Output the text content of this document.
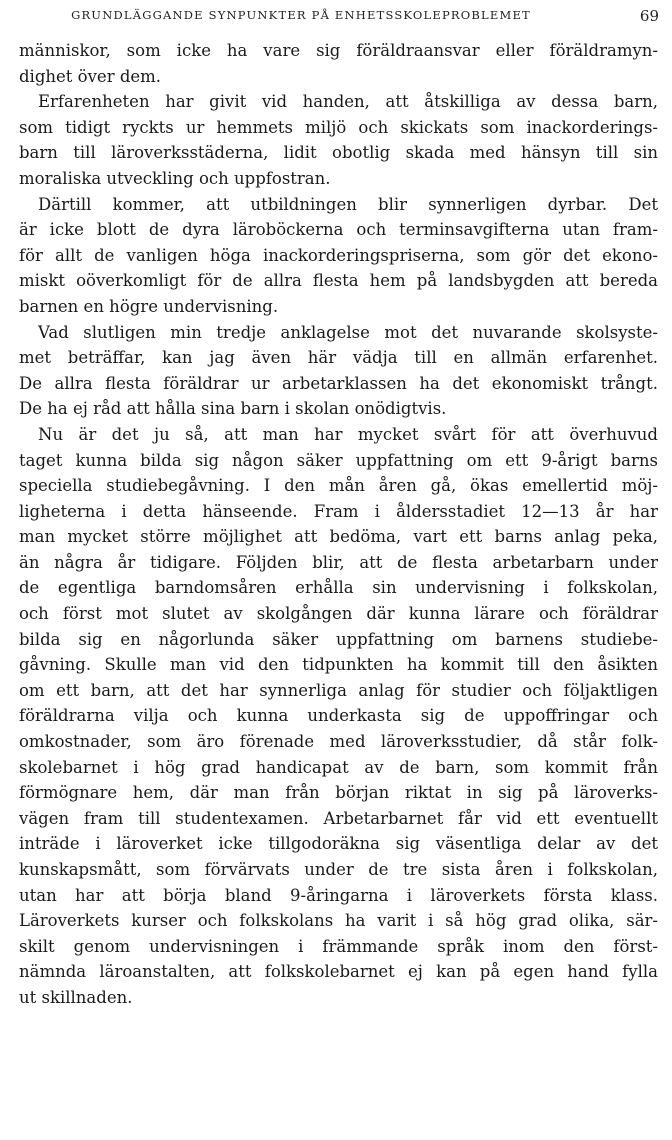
GRUNDLÄGGANDE SYNPUNKTER PÅ ENHETSSKOLEPROBLEMET	69
människor, som icke ha vare sig föräldraansvar eller föräldramyn-
dighet över dem.
Erfarenheten har givit vid handen, att åtskilliga av dessa barn,
som tidigt ryckts ur hemmets miljö och skickats som inackorderings-
barn till läroverksstäderna, lidit obotlig skada med hänsyn till sin
moraliska utveckling och uppfostran.
Därtill kommer, att utbildningen blir synnerligen dyrbar. Det
är icke blott de dyra läroböckerna och terminsavgifterna utan fram-
för allt de vanligen höga inackorderingspriserna, som gör det ekono-
miskt oöverkomligt för de allra flesta hem på landsbygden att bereda
barnen en högre undervisning.
Vad slutligen min tredje anklagelse mot det nuvarande skolsyste-
met beträffar, kan jag även här vädja till en allmän erfarenhet.
De allra flesta föräldrar ur arbetarklassen ha det ekonomiskt trångt.
De ha ej råd att hålla sina barn i skolan onödigtvis.
Nu är det ju så, att man har mycket svårt för att överhuvud
taget kunna bilda sig någon säker uppfattning om ett 9-årigt barns
speciella studiebegåvning. I den mån åren gå, ökas emellertid möj-
ligheterna i detta hänseende. Fram i åldersstadiet 12—13 år har
man mycket större möjlighet att bedöma, vart ett barns anlag peka,
än några år tidigare. Följden blir, att de flesta arbetarbarn under
de egentliga barndomsåren erhålla sin undervisning i folkskolan,
och först mot slutet av skolgången där kunna lärare och föräldrar
bilda sig en någorlunda säker uppfattning om barnens studiebe-
gåvning. Skulle man vid den tidpunkten ha kommit till den åsikten
om ett barn, att det har synnerliga anlag för studier och följaktligen
föräldrarna vilja och kunna underkasta sig de uppoffringar och
omkostnader, som äro förenade med läroverksstudier, då står folk-
skolebarnet i hög grad handicapat av de barn, som kommit från
förmögnare hem, där man från början riktat in sig på läroverks-
vägen fram till studentexamen. Arbetarbarnet får vid ett eventuellt
inträde i läroverket icke tillgodoräkna sig väsentliga delar av det
kunskapsmått, som förvärvats under de tre sista åren i folkskolan,
utan har att börja bland 9-åringarna i läroverkets första klass.
Läroverkets kurser och folkskolans ha varit i så hög grad olika, sär-
skilt genom undervisningen i främmande språk inom den först-
nämnda läroanstalten, att folkskolebarnet ej kan på egen hand fylla
ut skillnaden.
